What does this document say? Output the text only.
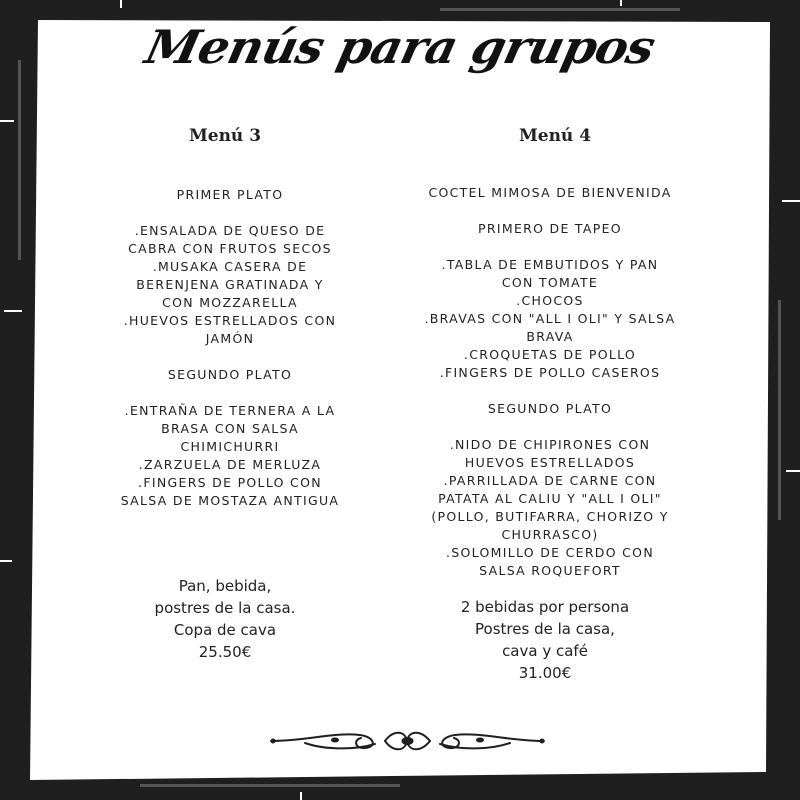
Menús para grupos
Menú 3	Menú 4
PRIMER PLATO
.ENSALADA DE QUESO DE
CABRA CON FRUTOS SECOS
.MUSAKA CASERA DE
BERENJENA GRATINADA Y
CON MOZZARELLA
.HUEVOS ESTRELLADOS CON
JAMÓN
SEGUNDO PLATO
.ENTRAÑA DE TERNERA A LA
BRASA CON SALSA
CHIMICHURRI
.ZARZUELA DE MERLUZA
.FINGERS DE POLLO CON
SALSA DE MOSTAZA ANTIGUA
COCTEL MIMOSA DE BIENVENIDA
PRIMERO DE TAPEO
.TABLA DE EMBUTIDOS Y PAN
CON TOMATE
.CHOCOS
.BRAVAS CON "ALL I OLI" Y SALSA
BRAVA
.CROQUETAS DE POLLO
.FINGERS DE POLLO CASEROS
SEGUNDO PLATO
.NIDO DE CHIPIRONES CON
HUEVOS ESTRELLADOS
.PARRILLADA DE CARNE CON
PATATA AL CALIU Y "ALL I OLI"
(POLLO, BUTIFARRA, CHORIZO Y
CHURRASCO)
.SOLOMILLO DE CERDO CON
SALSA ROQUEFORT
Pan, bebida,
postres de la casa.
Copa de cava
25.50€
2 bebidas por persona
Postres de la casa,
cava y café
31.00€
